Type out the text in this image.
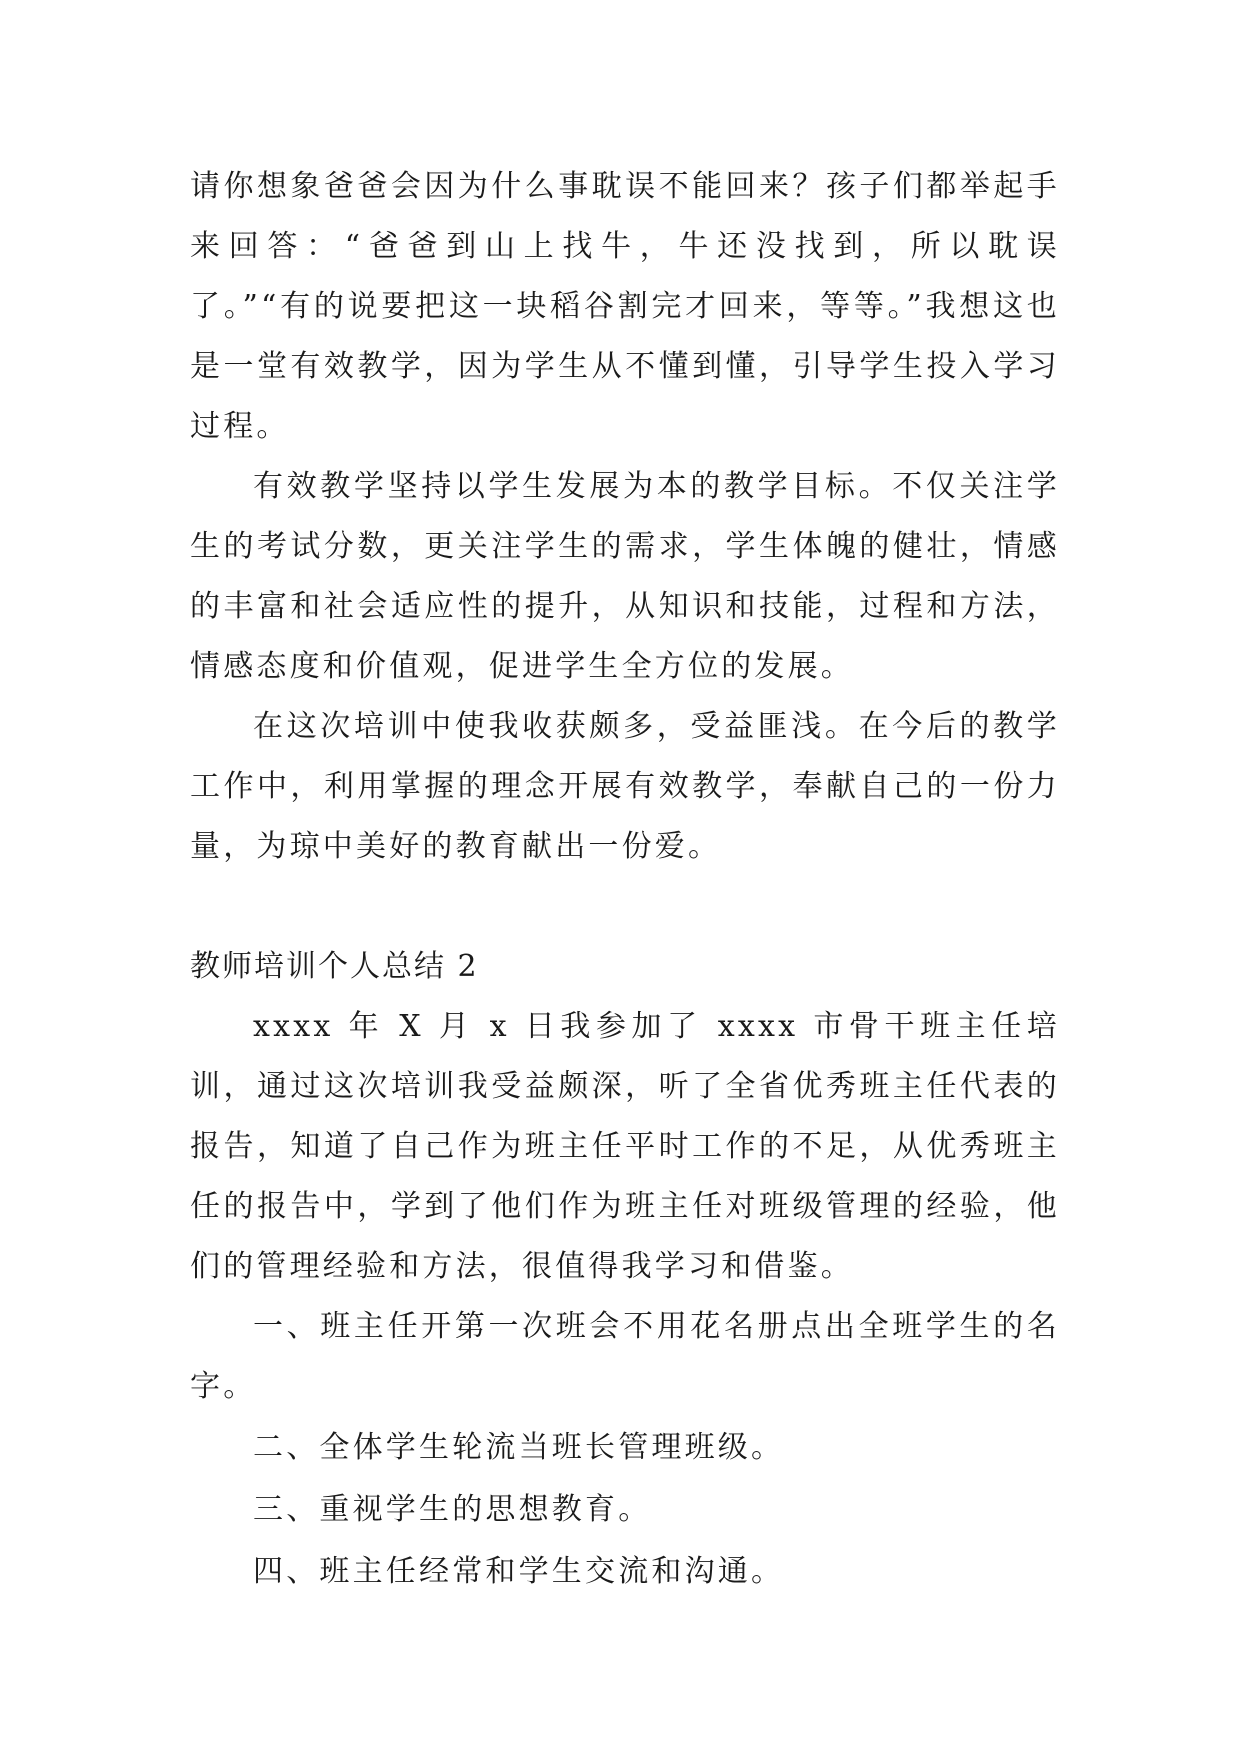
请你想象爸爸会因为什么事耽误不能回来？孩子们都举起手来回答：“爸爸到山上找牛，牛还没找到，所以耽误了。”“有的说要把这一块稻谷割完才回来，等等。”我想这也是一堂有效教学，因为学生从不懂到懂，引导学生投入学习过程。

有效教学坚持以学生发展为本的教学目标。不仅关注学生的考试分数，更关注学生的需求，学生体魄的健壮，情感的丰富和社会适应性的提升，从知识和技能，过程和方法，情感态度和价值观，促进学生全方位的发展。

在这次培训中使我收获颇多，受益匪浅。在今后的教学工作中，利用掌握的理念开展有效教学，奉献自己的一份力量，为琼中美好的教育献出一份爱。

教师培训个人总结 2

xxxx 年 X 月 x 日我参加了 xxxx 市骨干班主任培训，通过这次培训我受益颇深，听了全省优秀班主任代表的报告，知道了自己作为班主任平时工作的不足，从优秀班主任的报告中，学到了他们作为班主任对班级管理的经验，他们的管理经验和方法，很值得我学习和借鉴。

一、班主任开第一次班会不用花名册点出全班学生的名字。

二、全体学生轮流当班长管理班级。

三、重视学生的思想教育。

四、班主任经常和学生交流和沟通。
